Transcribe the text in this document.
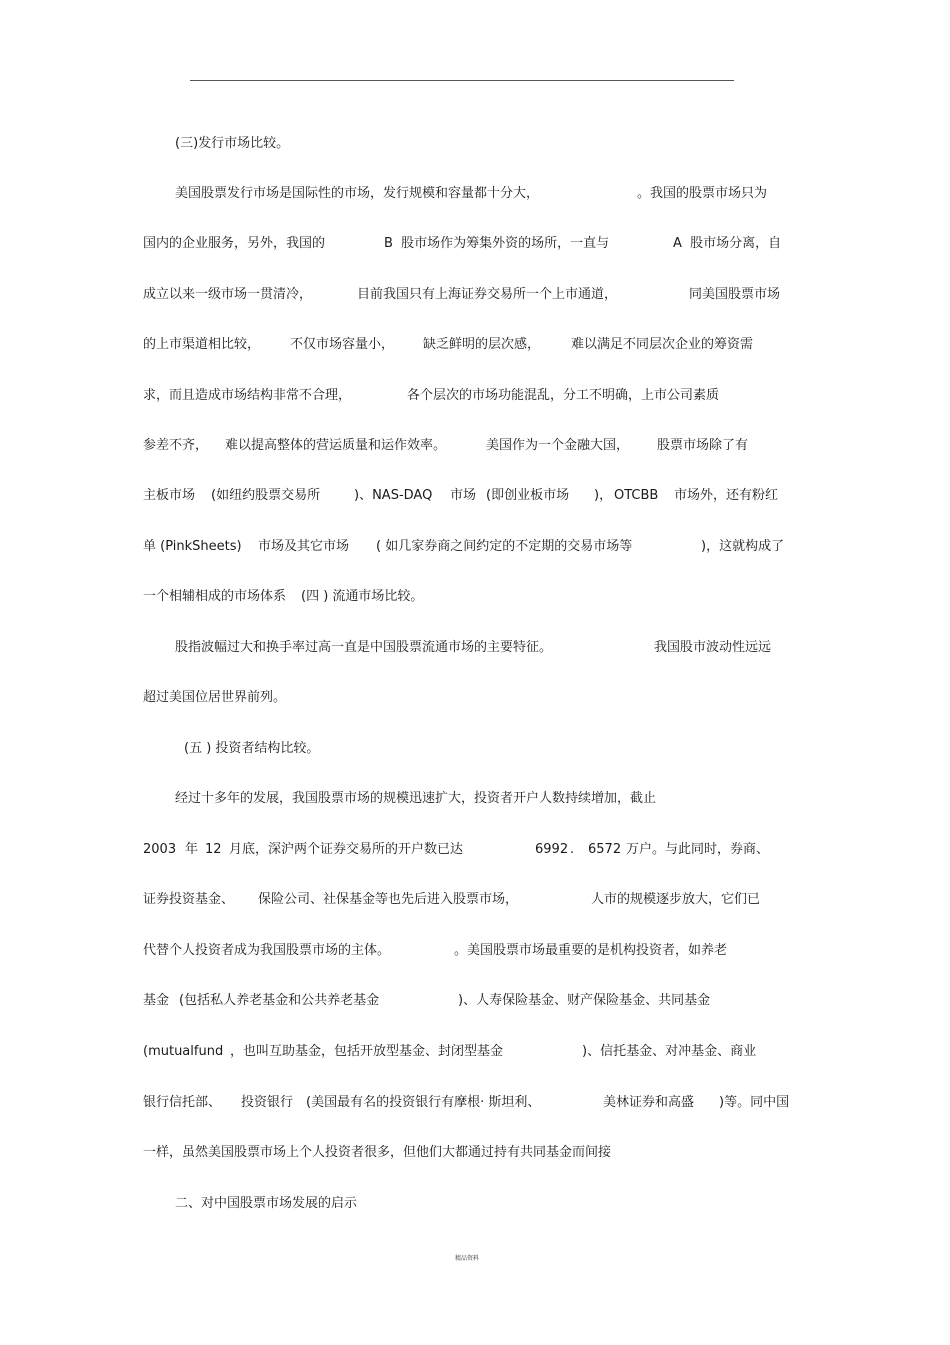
(三)发行市场比较。
美国股票发行市场是国际性的市场，发行规模和容量都十分大，	。我国的股票市场只为
国内的企业服务，另外，我国的	B  股市场作为筹集外资的场所，一直与	A  股市场分离，自
成立以来一级市场一贯清冷，	目前我国只有上海证券交易所一个上市通道，	同美国股票市场
的上市渠道相比较， 不仅市场容量小， 缺乏鲜明的层次感， 难以满足不同层次企业的筹资需
求，而且造成市场结构非常不合理，	各个层次的市场功能混乱，分工不明确，上市公司素质
参差不齐， 难以提高整体的营运质量和运作效率。	美国作为一个金融大国， 股票市场除了有
主板市场 (如纽约股票交易所	)、NAS-DAQ 市场 (即创业板市场 )， OTCBB 市场外，还有粉红
单 (PinkSheets) 市场及其它市场 ( 如几家券商之间约定的不定期的交易市场等	)，这就构成了
一个相辅相成的市场体系 (四 ) 流通市场比较。
股指波幅过大和换手率过高一直是中国股票流通市场的主要特征。	我国股市波动性远远
超过美国位居世界前列。
(五 ) 投资者结构比较。
经过十多年的发展，我国股票市场的规模迅速扩大，投资者开户人数持续增加，截止
2003 年 12 月底，深沪两个证券交易所的开户数已达	6992 . 6572 万户。与此同时，券商、
证券投资基金、 保险公司、社保基金等也先后进入股票市场，	人市的规模逐步放大，它们已
代替个人投资者成为我国股票市场的主体。	。美国股票市场最重要的是机构投资者，如养老
基金 (包括私人养老基金和公共养老基金	)、人寿保险基金、财产保险基金、共同基金
(mutualfund ，也叫互助基金，包括开放型基金、封闭型基金	)、信托基金、对冲基金、商业
银行信托部、 投资银行 (美国最有名的投资银行有摩根· 斯坦利、	美林证券和高盛 )等。同中国
一样，虽然美国股票市场上个人投资者很多，但他们大都通过持有共同基金而间接
二、对中国股票市场发展的启示
精品资料
